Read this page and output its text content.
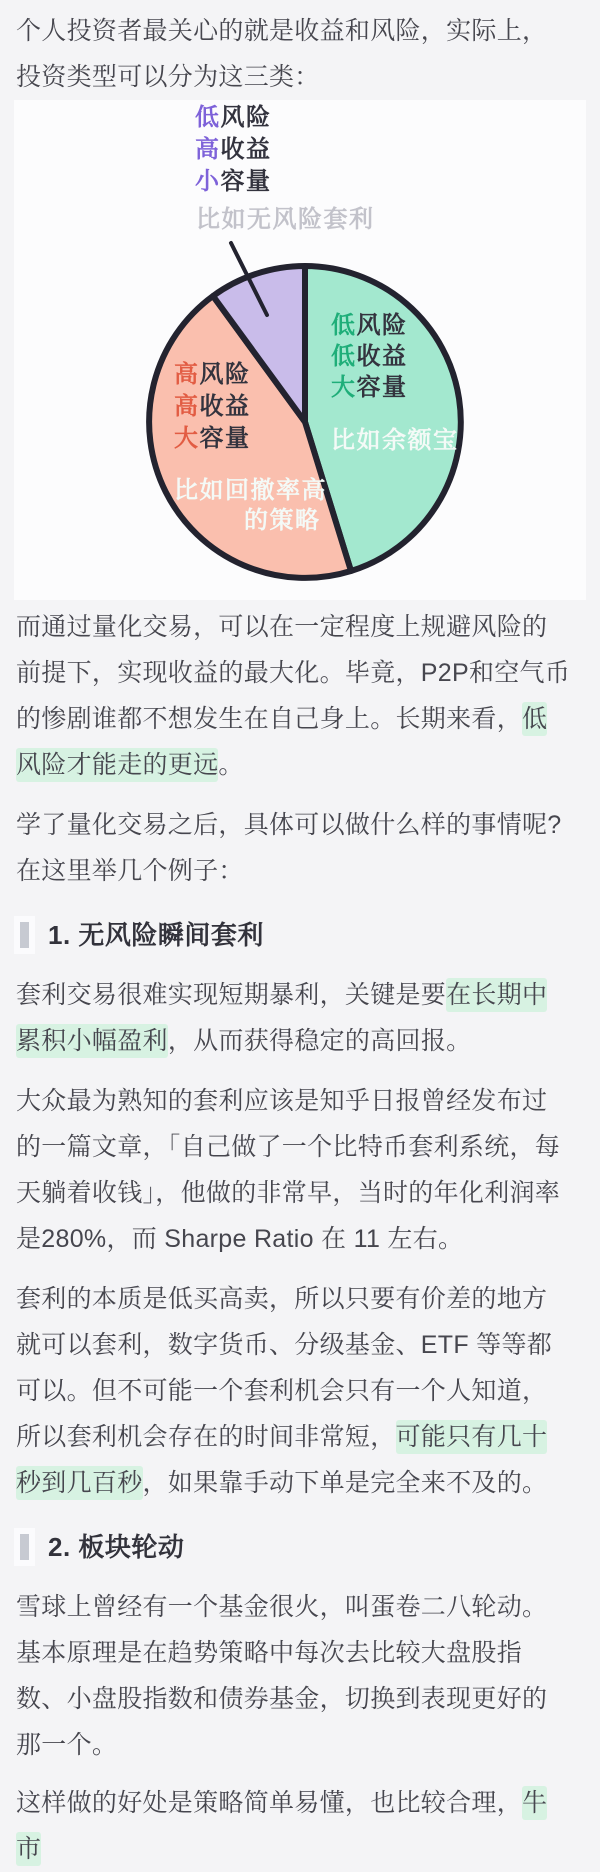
个人投资者最关心的就是收益和风险，实际上，投资类型可以分为这三类：

低风险
高收益
小容量
比如无风险套利
低风险
低收益
大容量
比如余额宝
高风险
高收益
大容量
比如回撤率高
的策略

而通过量化交易，可以在一定程度上规避风险的前提下，实现收益的最大化。毕竟，P2P和空气币的惨剧谁都不想发生在自己身上。长期来看，低风险才能走的更远。

学了量化交易之后，具体可以做什么样的事情呢?在这里举几个例子：

1. 无风险瞬间套利

套利交易很难实现短期暴利，关键是要在长期中累积小幅盈利，从而获得稳定的高回报。

大众最为熟知的套利应该是知乎日报曾经发布过的一篇文章，「自己做了一个比特币套利系统，每天躺着收钱」，他做的非常早，当时的年化利润率是280%，而 Sharpe Ratio 在 11 左右。

套利的本质是低买高卖，所以只要有价差的地方就可以套利，数字货币、分级基金、ETF 等等都可以。但不可能一个套利机会只有一个人知道，所以套利机会存在的时间非常短，可能只有几十秒到几百秒，如果靠手动下单是完全来不及的。

2. 板块轮动

雪球上曾经有一个基金很火，叫蛋卷二八轮动。基本原理是在趋势策略中每次去比较大盘股指数、小盘股指数和债券基金，切换到表现更好的那一个。

这样做的好处是策略简单易懂，也比较合理，牛市
